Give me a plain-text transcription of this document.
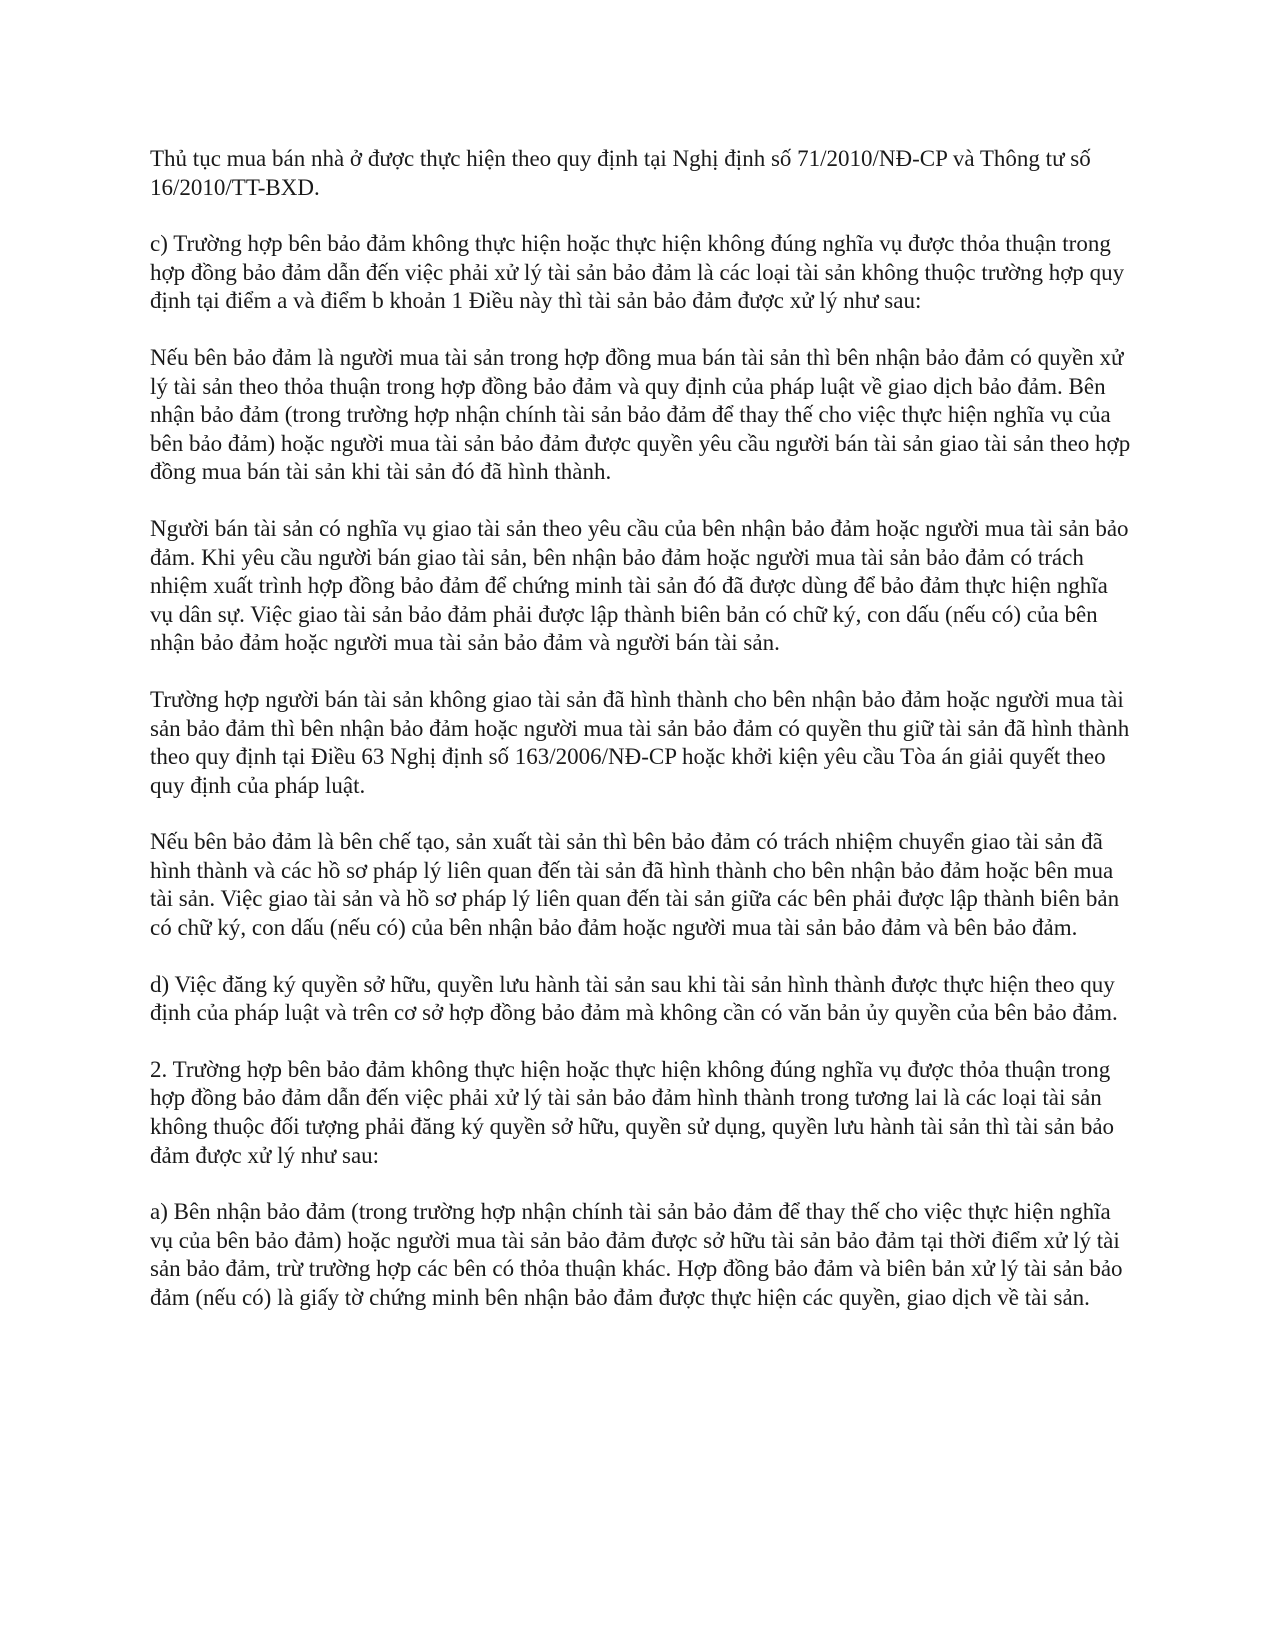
Thủ tục mua bán nhà ở được thực hiện theo quy định tại Nghị định số 71/2010/NĐ-CP và Thông tư số 16/2010/TT-BXD.

c) Trường hợp bên bảo đảm không thực hiện hoặc thực hiện không đúng nghĩa vụ được thỏa thuận trong hợp đồng bảo đảm dẫn đến việc phải xử lý tài sản bảo đảm là các loại tài sản không thuộc trường hợp quy định tại điểm a và điểm b khoản 1 Điều này thì tài sản bảo đảm được xử lý như sau:

Nếu bên bảo đảm là người mua tài sản trong hợp đồng mua bán tài sản thì bên nhận bảo đảm có quyền xử lý tài sản theo thỏa thuận trong hợp đồng bảo đảm và quy định của pháp luật về giao dịch bảo đảm. Bên nhận bảo đảm (trong trường hợp nhận chính tài sản bảo đảm để thay thế cho việc thực hiện nghĩa vụ của bên bảo đảm) hoặc người mua tài sản bảo đảm được quyền yêu cầu người bán tài sản giao tài sản theo hợp đồng mua bán tài sản khi tài sản đó đã hình thành.

Người bán tài sản có nghĩa vụ giao tài sản theo yêu cầu của bên nhận bảo đảm hoặc người mua tài sản bảo đảm. Khi yêu cầu người bán giao tài sản, bên nhận bảo đảm hoặc người mua tài sản bảo đảm có trách nhiệm xuất trình hợp đồng bảo đảm để chứng minh tài sản đó đã được dùng để bảo đảm thực hiện nghĩa vụ dân sự. Việc giao tài sản bảo đảm phải được lập thành biên bản có chữ ký, con dấu (nếu có) của bên nhận bảo đảm hoặc người mua tài sản bảo đảm và người bán tài sản.

Trường hợp người bán tài sản không giao tài sản đã hình thành cho bên nhận bảo đảm hoặc người mua tài sản bảo đảm thì bên nhận bảo đảm hoặc người mua tài sản bảo đảm có quyền thu giữ tài sản đã hình thành theo quy định tại Điều 63 Nghị định số 163/2006/NĐ-CP hoặc khởi kiện yêu cầu Tòa án giải quyết theo quy định của pháp luật.

Nếu bên bảo đảm là bên chế tạo, sản xuất tài sản thì bên bảo đảm có trách nhiệm chuyển giao tài sản đã hình thành và các hồ sơ pháp lý liên quan đến tài sản đã hình thành cho bên nhận bảo đảm hoặc bên mua tài sản. Việc giao tài sản và hồ sơ pháp lý liên quan đến tài sản giữa các bên phải được lập thành biên bản có chữ ký, con dấu (nếu có) của bên nhận bảo đảm hoặc người mua tài sản bảo đảm và bên bảo đảm.

d) Việc đăng ký quyền sở hữu, quyền lưu hành tài sản sau khi tài sản hình thành được thực hiện theo quy định của pháp luật và trên cơ sở hợp đồng bảo đảm mà không cần có văn bản ủy quyền của bên bảo đảm.

2. Trường hợp bên bảo đảm không thực hiện hoặc thực hiện không đúng nghĩa vụ được thỏa thuận trong hợp đồng bảo đảm dẫn đến việc phải xử lý tài sản bảo đảm hình thành trong tương lai là các loại tài sản không thuộc đối tượng phải đăng ký quyền sở hữu, quyền sử dụng, quyền lưu hành tài sản thì tài sản bảo đảm được xử lý như sau:

a) Bên nhận bảo đảm (trong trường hợp nhận chính tài sản bảo đảm để thay thế cho việc thực hiện nghĩa vụ của bên bảo đảm) hoặc người mua tài sản bảo đảm được sở hữu tài sản bảo đảm tại thời điểm xử lý tài sản bảo đảm, trừ trường hợp các bên có thỏa thuận khác. Hợp đồng bảo đảm và biên bản xử lý tài sản bảo đảm (nếu có) là giấy tờ chứng minh bên nhận bảo đảm được thực hiện các quyền, giao dịch về tài sản.
